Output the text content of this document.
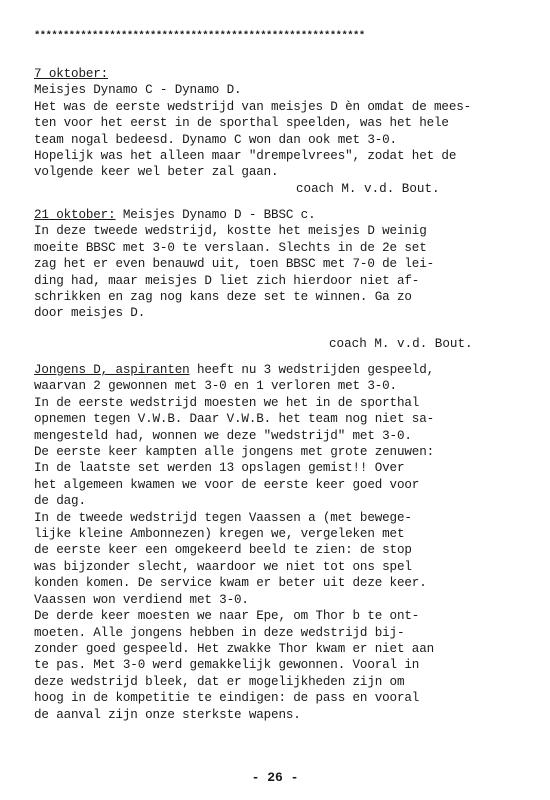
*********************************************************
7 oktober:
Meisjes Dynamo C - Dynamo D.
Het was de eerste wedstrijd van meisjes D èn omdat de mees-
ten voor het eerst in de sporthal speelden, was het hele
team nogal bedeesd. Dynamo C won dan ook met 3-0.
Hopelijk was het alleen maar "drempelvrees", zodat het de
volgende keer wel beter zal gaan.
coach M. v.d. Bout.
21 oktober: Meisjes Dynamo D - BBSC c.
In deze tweede wedstrijd, kostte het meisjes D weinig
moeite BBSC met 3-0 te verslaan. Slechts in de 2e set
zag het er even benauwd uit, toen BBSC met 7-0 de lei-
ding had, maar meisjes D liet zich hierdoor niet af-
schrikken en zag nog kans deze set te winnen. Ga zo
door meisjes D.
coach M. v.d. Bout.
Jongens D, aspiranten heeft nu 3 wedstrijden gespeeld,
waarvan 2 gewonnen met 3-0 en 1 verloren met 3-0.
In de eerste wedstrijd moesten we het in de sporthal
opnemen tegen V.W.B. Daar V.W.B. het team nog niet sa-
mengesteld had, wonnen we deze "wedstrijd" met 3-0.
De eerste keer kampten alle jongens met grote zenuwen:
In de laatste set werden 13 opslagen gemist!! Over
het algemeen kwamen we voor de eerste keer goed voor
de dag.
In de tweede wedstrijd tegen Vaassen a (met bewege-
lijke kleine Ambonnezen) kregen we, vergeleken met
de eerste keer een omgekeerd beeld te zien: de stop
was bijzonder slecht, waardoor we niet tot ons spel
konden komen. De service kwam er beter uit deze keer.
Vaassen won verdiend met 3-0.
De derde keer moesten we naar Epe, om Thor b te ont-
moeten. Alle jongens hebben in deze wedstrijd bij-
zonder goed gespeeld. Het zwakke Thor kwam er niet aan
te pas. Met 3-0 werd gemakkelijk gewonnen. Vooral in
deze wedstrijd bleek, dat er mogelijkheden zijn om
hoog in de kompetitie te eindigen: de pass en vooral
de aanval zijn onze sterkste wapens.
- 26 -
